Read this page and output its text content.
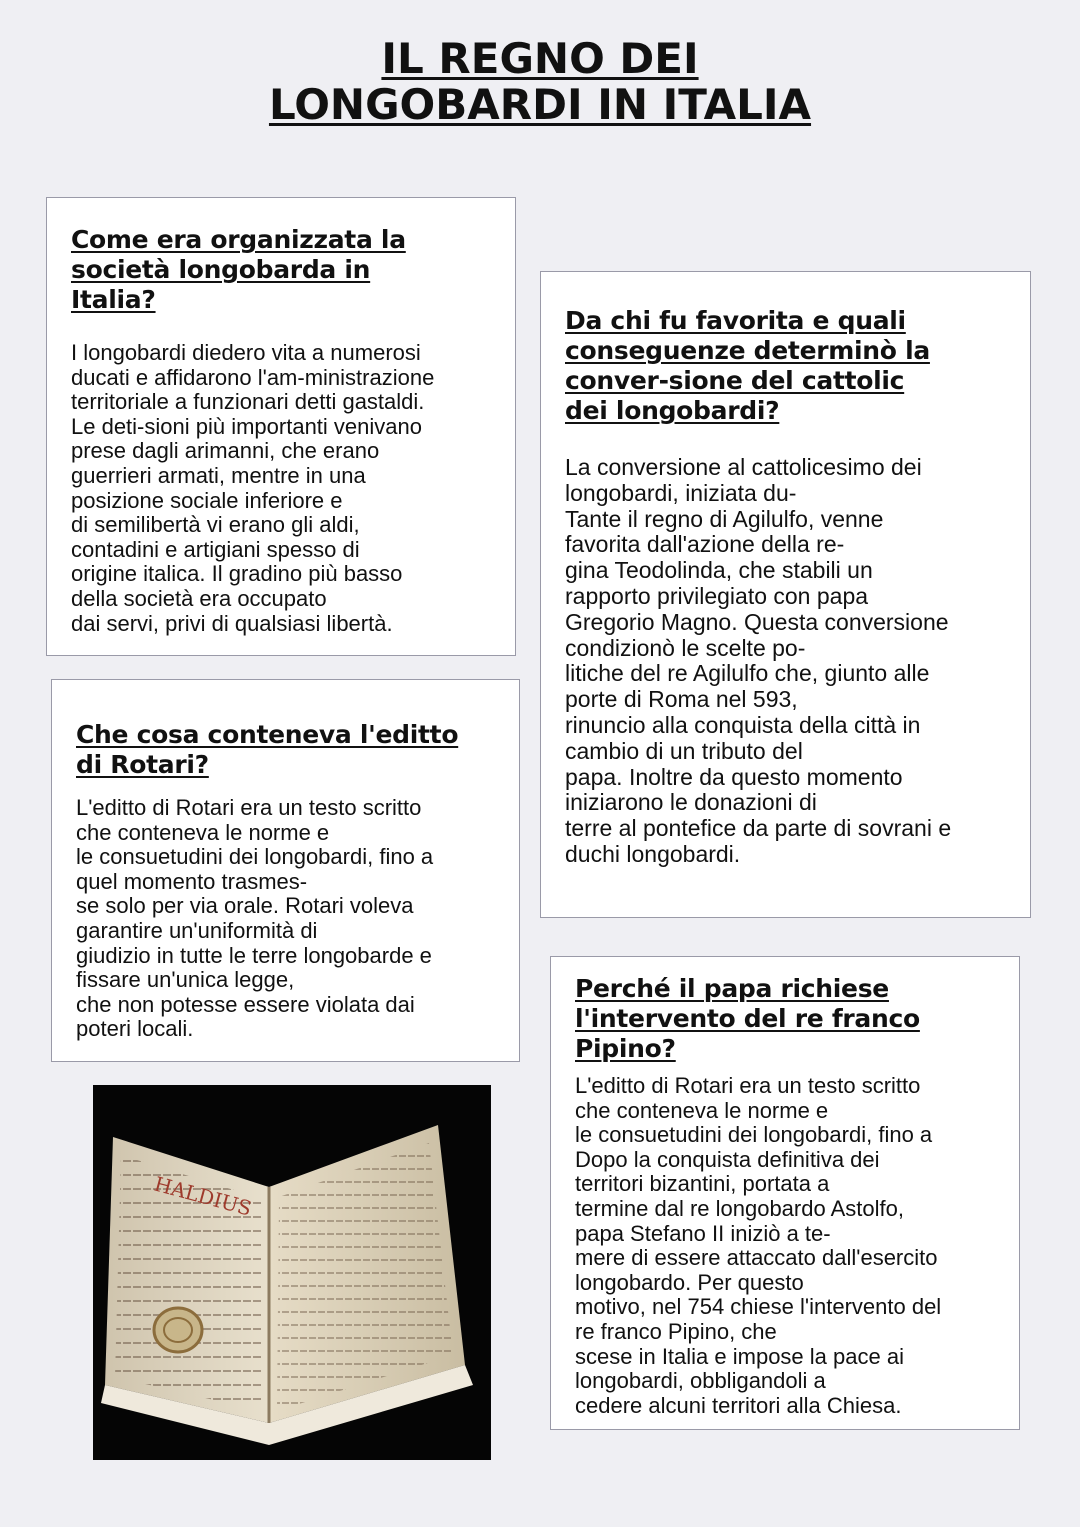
IL REGNO DEI
LONGOBARDI IN ITALIA
Come era organizzata la
società longobarda in
Italia?

I longobardi diedero vita a numerosi
ducati e affidarono l'am-ministrazione
territoriale a funzionari detti gastaldi.
Le deti-sioni più importanti venivano
prese dagli arimanni, che erano
guerrieri armati, mentre in una
posizione sociale inferiore e
di semilibertà vi erano gli aldi,
contadini e artigiani spesso di
origine italica. Il gradino più basso
della società era occupato
dai servi, privi di qualsiasi libertà.

Da chi fu favorita e quali
conseguenze determinò la
conver-sione del cattolic
dei longobardi?

La conversione al cattolicesimo dei
longobardi, iniziata du-
Tante il regno di Agilulfo, venne
favorita dall'azione della re-
gina Teodolinda, che stabili un
rapporto privilegiato con papa
Gregorio Magno. Questa conversione
condizionò le scelte po-
litiche del re Agilulfo che, giunto alle
porte di Roma nel 593,
rinuncio alla conquista della città in
cambio di un tributo del
papa. Inoltre da questo momento
iniziarono le donazioni di
terre al pontefice da parte di sovrani e
duchi longobardi.

Che cosa conteneva l'editto
di Rotari?

L'editto di Rotari era un testo scritto
che conteneva le norme e
le consuetudini dei longobardi, fino a
quel momento trasmes-
se solo per via orale. Rotari voleva
garantire un'uniformità di
giudizio in tutte le terre longobarde e
fissare un'unica legge,
che non potesse essere violata dai
poteri locali.

Perché il papa richiese
l'intervento del re franco
Pipino?

L'editto di Rotari era un testo scritto
che conteneva le norme e
le consuetudini dei longobardi, fino a
Dopo la conquista definitiva dei
territori bizantini, portata a
termine dal re longobardo Astolfo,
papa Stefano II iniziò a te-
mere di essere attaccato dall'esercito
longobardo. Per questo
motivo, nel 754 chiese l'intervento del
re franco Pipino, che
scese in Italia e impose la pace ai
longobardi, obbligandoli a
cedere alcuni territori alla Chiesa.

HALDIUS
